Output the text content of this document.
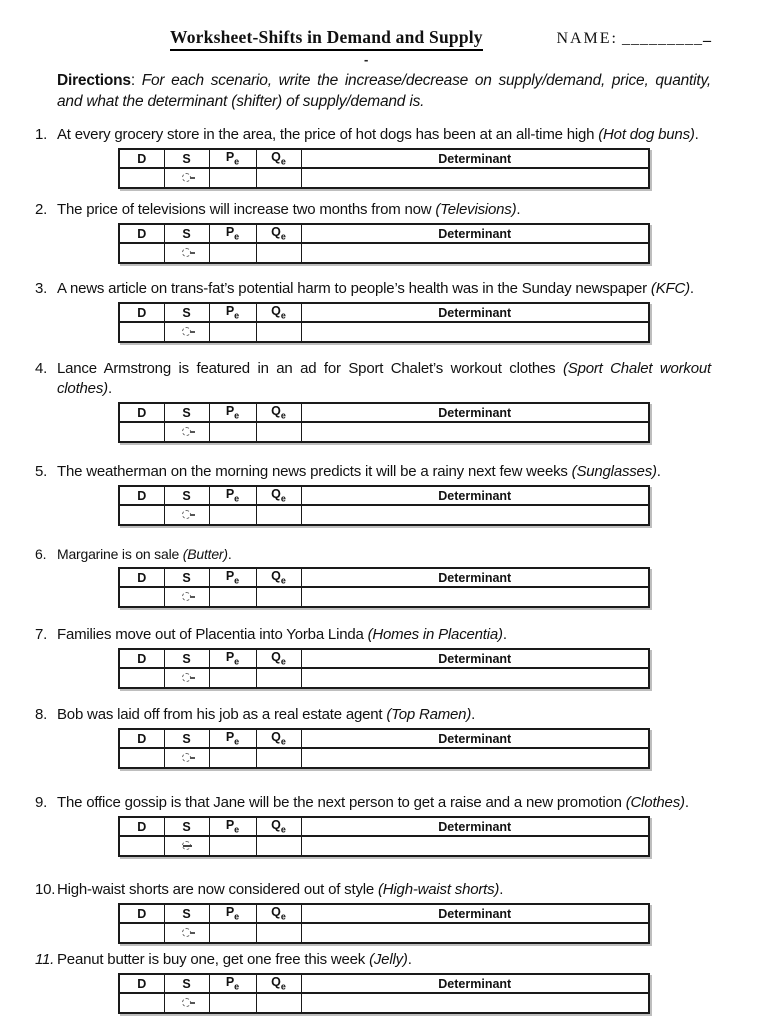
Worksheet-Shifts in Demand and Supply	NAME: __________
-

Directions: For each scenario, write the increase/decrease on supply/demand, price, quantity, and what the determinant (shifter) of supply/demand is.

1. At every grocery store in the area, the price of hot dogs has been at an all-time high (Hot dog buns).
D	S	$P_e$	$Q_e$	Determinant

2. The price of televisions will increase two months from now (Televisions).
D	S	$P_e$	$Q_e$	Determinant

3. A news article on trans-fat’s potential harm to people’s health was in the Sunday newspaper (KFC).
D	S	$P_e$	$Q_e$	Determinant

4. Lance Armstrong is featured in an ad for Sport Chalet’s workout clothes (Sport Chalet workout clothes).
D	S	$P_e$	$Q_e$	Determinant

5. The weatherman on the morning news predicts it will be a rainy next few weeks (Sunglasses).
D	S	$P_e$	$Q_e$	Determinant

6. Margarine is on sale (Butter).
D	S	$P_e$	$Q_e$	Determinant

7. Families move out of Placentia into Yorba Linda (Homes in Placentia).
D	S	$P_e$	$Q_e$	Determinant

8. Bob was laid off from his job as a real estate agent (Top Ramen).
D	S	$P_e$	$Q_e$	Determinant

9. The office gossip is that Jane will be the next person to get a raise and a new promotion (Clothes).
D	S	$P_e$	$Q_e$	Determinant

10. High-waist shorts are now considered out of style (High-waist shorts).
D	S	$P_e$	$Q_e$	Determinant

11. Peanut butter is buy one, get one free this week (Jelly).
D	S	$P_e$	$Q_e$	Determinant
